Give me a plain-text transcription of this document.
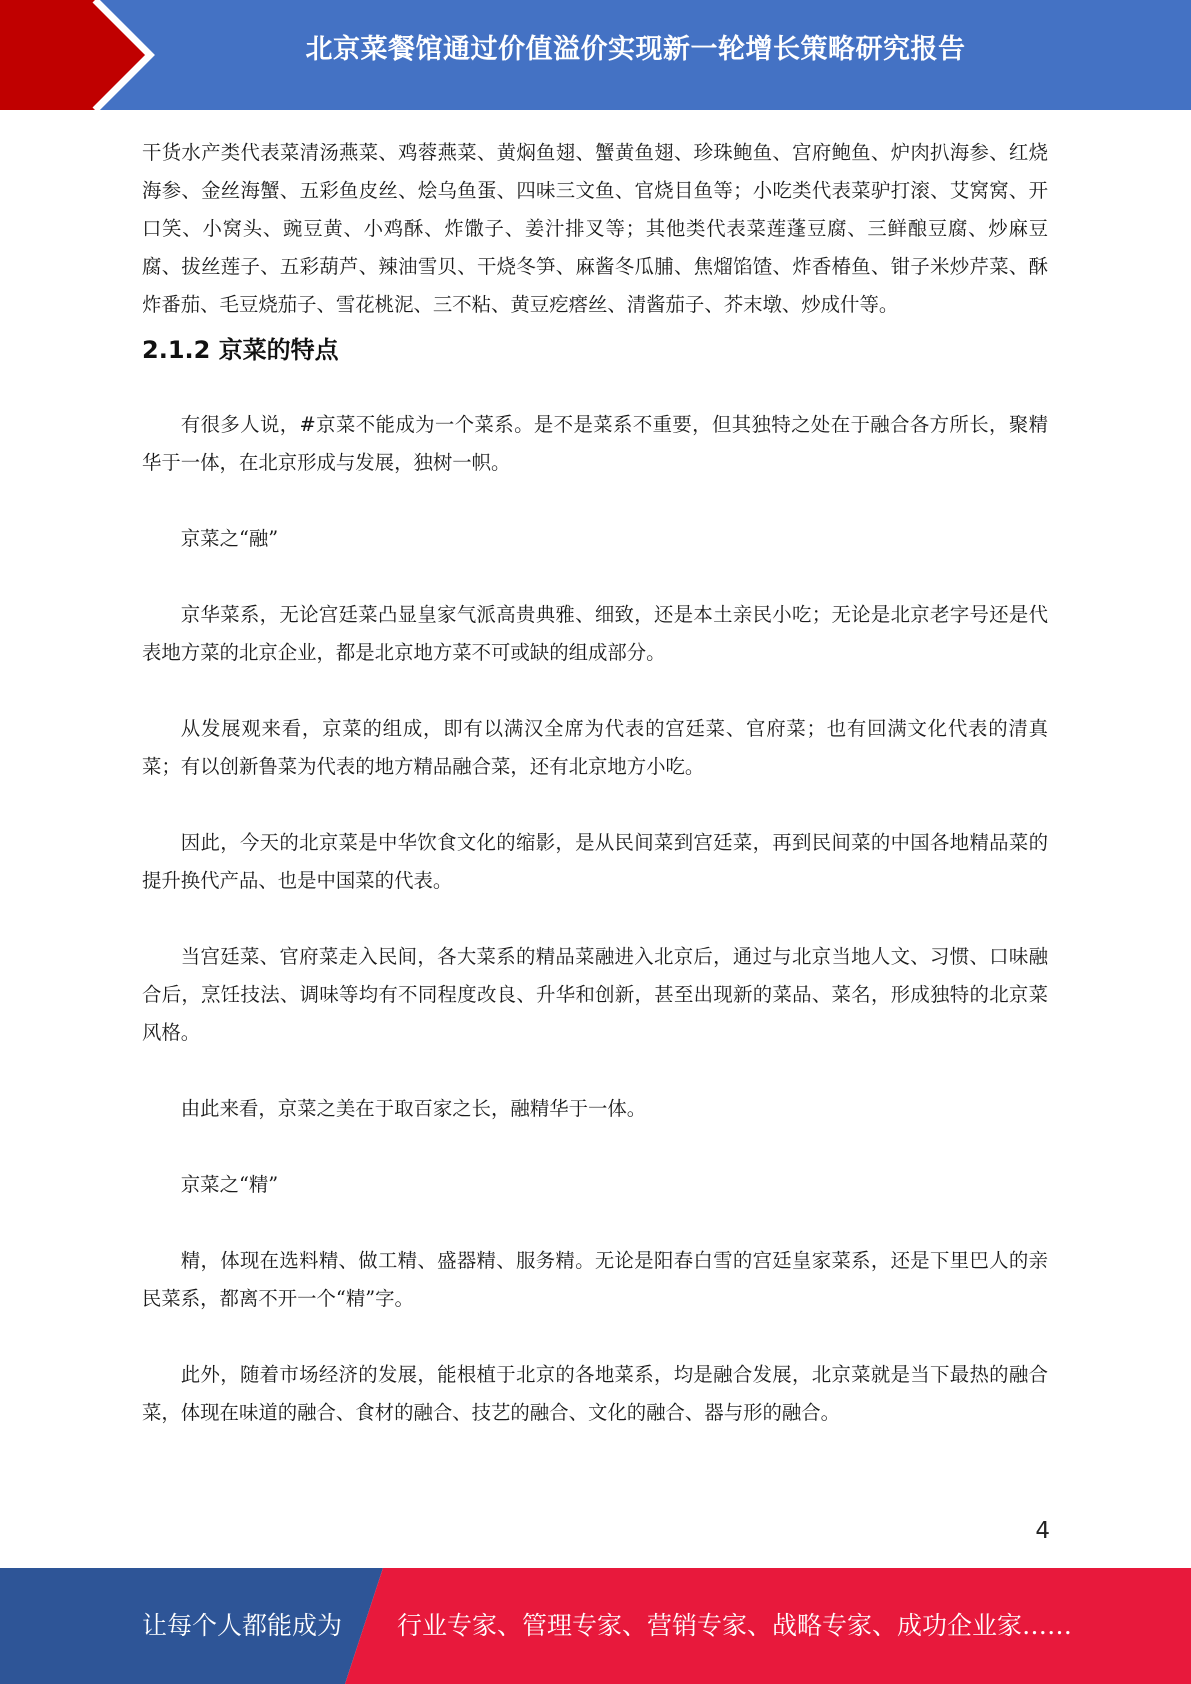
北京菜餐馆通过价值溢价实现新一轮增长策略研究报告

干货水产类代表菜清汤燕菜、鸡蓉燕菜、黄焖鱼翅、蟹黄鱼翅、珍珠鲍鱼、宫府鲍鱼、炉肉扒海参、红烧海参、金丝海蟹、五彩鱼皮丝、烩乌鱼蛋、四味三文鱼、官烧目鱼等；小吃类代表菜驴打滚、艾窝窝、开口笑、小窝头、豌豆黄、小鸡酥、炸馓子、姜汁排叉等；其他类代表菜莲蓬豆腐、三鲜酿豆腐、炒麻豆腐、拔丝莲子、五彩葫芦、辣油雪贝、干烧冬笋、麻酱冬瓜脯、焦熘馅馇、炸香椿鱼、钳子米炒芹菜、酥炸番茄、毛豆烧茄子、雪花桃泥、三不粘、黄豆疙瘩丝、清酱茄子、芥末墩、炒成什等。

2.1.2 京菜的特点

有很多人说，#京菜不能成为一个菜系。是不是菜系不重要，但其独特之处在于融合各方所长，聚精华于一体，在北京形成与发展，独树一帜。

京菜之“融”

京华菜系，无论宫廷菜凸显皇家气派高贵典雅、细致，还是本土亲民小吃；无论是北京老字号还是代表地方菜的北京企业，都是北京地方菜不可或缺的组成部分。

从发展观来看，京菜的组成，即有以满汉全席为代表的宫廷菜、官府菜；也有回满文化代表的清真菜；有以创新鲁菜为代表的地方精品融合菜，还有北京地方小吃。

因此，今天的北京菜是中华饮食文化的缩影，是从民间菜到宫廷菜，再到民间菜的中国各地精品菜的提升换代产品、也是中国菜的代表。

当宫廷菜、官府菜走入民间，各大菜系的精品菜融进入北京后，通过与北京当地人文、习惯、口味融合后，烹饪技法、调味等均有不同程度改良、升华和创新，甚至出现新的菜品、菜名，形成独特的北京菜风格。

由此来看，京菜之美在于取百家之长，融精华于一体。

京菜之“精”

精，体现在选料精、做工精、盛器精、服务精。无论是阳春白雪的宫廷皇家菜系，还是下里巴人的亲民菜系，都离不开一个“精”字。

此外，随着市场经济的发展，能根植于北京的各地菜系，均是融合发展，北京菜就是当下最热的融合菜，体现在味道的融合、食材的融合、技艺的融合、文化的融合、器与形的融合。

4
让每个人都能成为 行业专家、管理专家、营销专家、战略专家、成功企业家……
